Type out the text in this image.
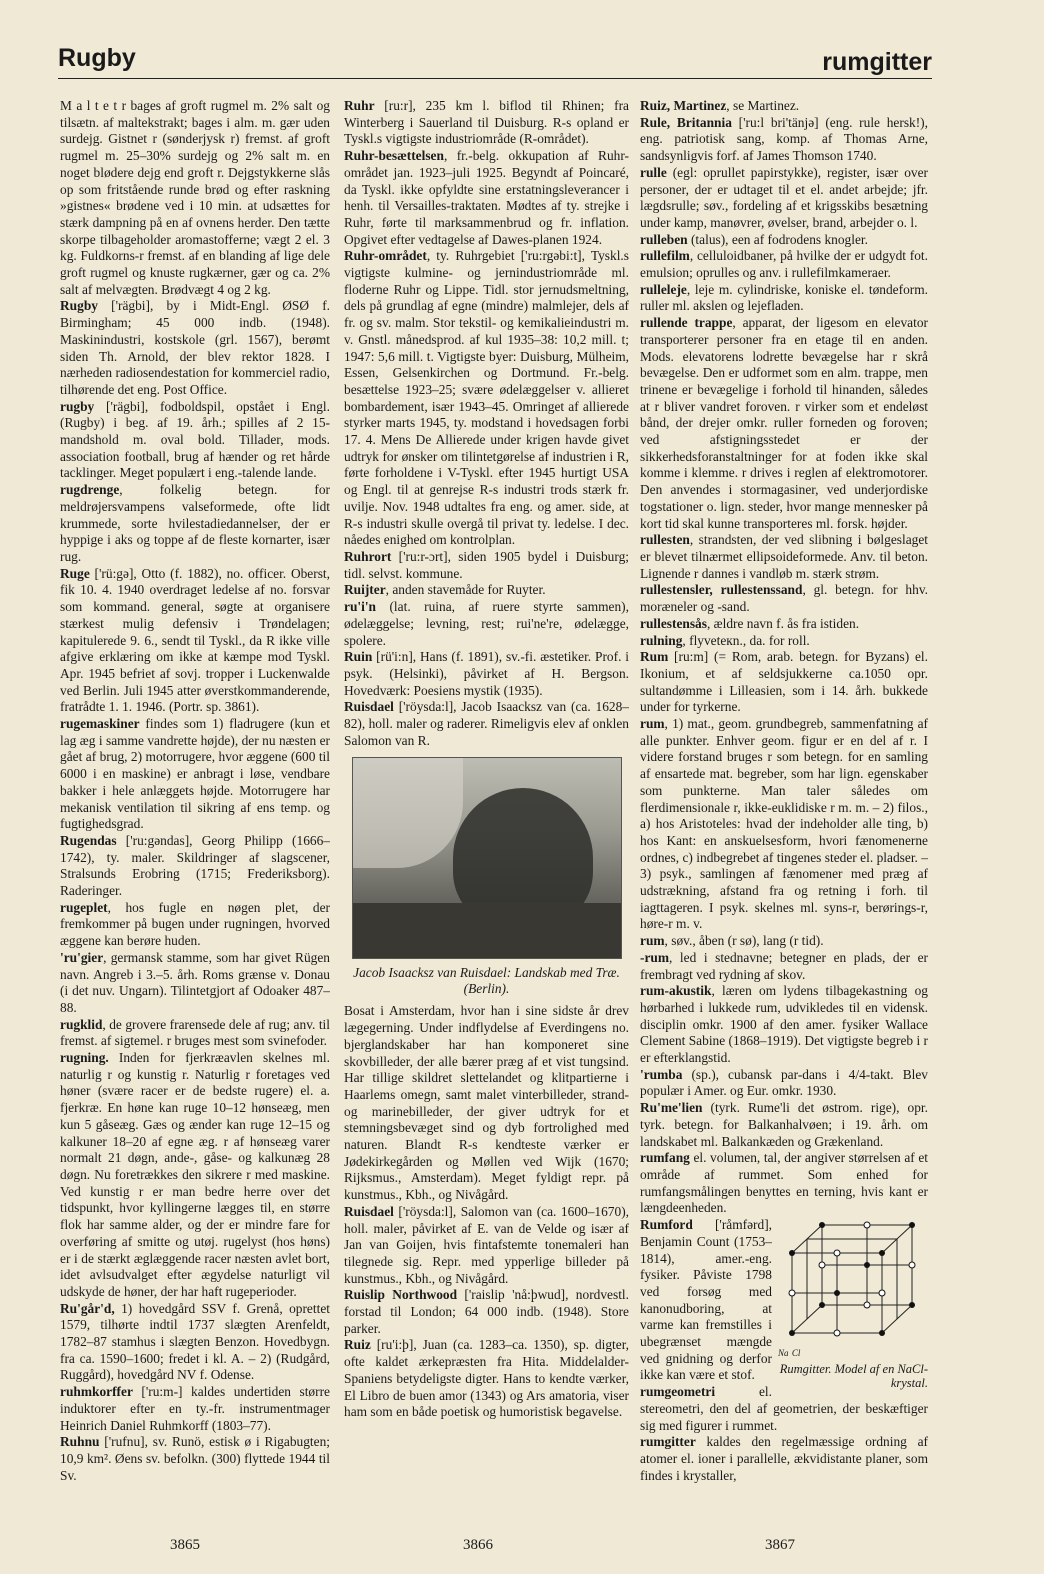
Rugby	rumgitter

M a l t e t r bages af groft rugmel m. 2% salt og tilsætn. af maltekstrakt; bages i alm. m. gær uden surdejg. Gistnet r (sønderjysk r) fremst. af groft rugmel m. 25–30% surdejg og 2% salt m. en noget blødere dejg end groft r. Dejgstykkerne slås op som fritstående runde brød og efter raskning »gistnes« brødene ved i 10 min. at udsættes for stærk dampning på en af ovnens herder. Den tætte skorpe tilbageholder aromastofferne; vægt 2 el. 3 kg. Fuldkorns-r fremst. af en blanding af lige dele groft rugmel og knuste rugkærner, gær og ca. 2% salt af melvægten. Brødvægt 4 og 2 kg.

Rugby ['rägbi], by i Midt-Engl. ØSØ f. Birmingham; 45 000 indb. (1948). Maskinindustri, kostskole (grl. 1567), berømt siden Th. Arnold, der blev rektor 1828. I nærheden radiosendestation for kommerciel radio, tilhørende det eng. Post Office.

rugby ['rägbi], fodboldspil, opstået i Engl. (Rugby) i beg. af 19. årh.; spilles af 2 15-mandshold m. oval bold. Tillader, mods. association football, brug af hænder og ret hårde tacklinger. Meget populært i eng.-talende lande.

rugdrenge, folkelig betegn. for meldrøjersvampens valseformede, ofte lidt krummede, sorte hvilestadiedannelser, der er hyppige i aks og toppe af de fleste kornarter, især rug.

Ruge ['rü:gə], Otto (f. 1882), no. officer. Oberst, fik 10. 4. 1940 overdraget ledelse af no. forsvar som kommand. general, søgte at organisere stærkest mulig defensiv i Trøndelagen; kapitulerede 9. 6., sendt til Tyskl., da R ikke ville afgive erklæring om ikke at kæmpe mod Tyskl. Apr. 1945 befriet af sovj. tropper i Luckenwalde ved Berlin. Juli 1945 atter øverstkommanderende, fratrådte 1. 1. 1946. (Portr. sp. 3861).

rugemaskiner findes som 1) fladrugere (kun et lag æg i samme vandrette højde), der nu næsten er gået af brug, 2) motorrugere, hvor æggene (600 til 6000 i en maskine) er anbragt i løse, vendbare bakker i hele anlæggets højde. Motorrugere har mekanisk ventilation til sikring af ens temp. og fugtighedsgrad.

Rugendas ['ru:gəndas], Georg Philipp (1666–1742), ty. maler. Skildringer af slagscener, Stralsunds Erobring (1715; Frederiksborg). Raderinger.

rugeplet, hos fugle en nøgen plet, der fremkommer på bugen under rugningen, hvorved æggene kan berøre huden.

'ru'gier, germansk stamme, som har givet Rügen navn. Angreb i 3.–5. årh. Roms grænse v. Donau (i det nuv. Ungarn). Tilintetgjort af Odoaker 487–88.

rugklid, de grovere frarensede dele af rug; anv. til fremst. af sigtemel. r bruges mest som svinefoder.

rugning. Inden for fjerkræavlen skelnes ml. naturlig r og kunstig r. Naturlig r foretages ved høner (svære racer er de bedste rugere) el. a. fjerkræ. En høne kan ruge 10–12 hønseæg, men kun 5 gåseæg. Gæs og ænder kan ruge 12–15 og kalkuner 18–20 af egne æg. r af hønseæg varer normalt 21 døgn, ande-, gåse- og kalkunæg 28 døgn. Nu foretrækkes den sikrere r med maskine. Ved kunstig r er man bedre herre over det tidspunkt, hvor kyllingerne lægges til, en større flok har samme alder, og der er mindre fare for overføring af smitte og utøj. rugelyst (hos høns) er i de stærkt æglæggende racer næsten avlet bort, idet avlsudvalget efter ægydelse naturligt vil udskyde de høner, der har haft rugeperioder.

Ru'går'd, 1) hovedgård SSV f. Grenå, oprettet 1579, tilhørte indtil 1737 slægten Arenfeldt, 1782–87 stamhus i slægten Benzon. Hovedbygn. fra ca. 1590–1600; fredet i kl. A. – 2) (Rudgård, Ruggård), hovedgård NV f. Odense.

ruhmkorffer ['ru:m-] kaldes undertiden større induktorer efter en ty.-fr. instrumentmager Heinrich Daniel Ruhmkorff (1803–77).

Ruhnu ['rufnu], sv. Runö, estisk ø i Rigabugten; 10,9 km². Øens sv. befolkn. (300) flyttede 1944 til Sv.

Ruhr [ru:r], 235 km l. biflod til Rhinen; fra Winterberg i Sauerland til Duisburg. R-s opland er Tyskl.s vigtigste industriområde (R-området).

Ruhr-besættelsen, fr.-belg. okkupation af Ruhr-området jan. 1923–juli 1925. Begyndt af Poincaré, da Tyskl. ikke opfyldte sine erstatningsleverancer i henh. til Versailles-traktaten. Mødtes af ty. strejke i Ruhr, førte til marksammenbrud og fr. inflation. Opgivet efter vedtagelse af Dawes-planen 1924.

Ruhr-området, ty. Ruhrgebiet ['ru:rgəbi:t], Tyskl.s vigtigste kulmine- og jernindustriområde ml. floderne Ruhr og Lippe. Tidl. stor jernudsmeltning, dels på grundlag af egne (mindre) malmlejer, dels af fr. og sv. malm. Stor tekstil- og kemikalieindustri m. v. Gnstl. månedsprod. af kul 1935–38: 10,2 mill. t; 1947: 5,6 mill. t. Vigtigste byer: Duisburg, Mülheim, Essen, Gelsenkirchen og Dortmund. Fr.-belg. besættelse 1923–25; svære ødelæggelser v. allieret bombardement, især 1943–45. Omringet af allierede styrker marts 1945, ty. modstand i hovedsagen forbi 17. 4. Mens De Allierede under krigen havde givet udtryk for ønsker om tilintetgørelse af industrien i R, førte forholdene i V-Tyskl. efter 1945 hurtigt USA og Engl. til at genrejse R-s industri trods stærk fr. uvilje. Nov. 1948 udtaltes fra eng. og amer. side, at R-s industri skulle overgå til privat ty. ledelse. I dec. nåedes enighed om kontrolplan.

Ruhrort ['ru:r-ɔrt], siden 1905 bydel i Duisburg; tidl. selvst. kommune.

Ruijter, anden stavemåde for Ruyter.

ru'i'n (lat. ruina, af ruere styrte sammen), ødelæggelse; levning, rest; rui'ne're, ødelægge, spolere.

Ruin [rü'i:n], Hans (f. 1891), sv.-fi. æstetiker. Prof. i psyk. (Helsinki), påvirket af H. Bergson. Hovedværk: Poesiens mystik (1935).

Ruisdael ['röysda:l], Jacob Isaacksz van (ca. 1628–82), holl. maler og raderer. Rimeligvis elev af onklen Salomon van R.

Jacob Isaacksz van Ruisdael: Landskab med Træ. (Berlin).

Bosat i Amsterdam, hvor han i sine sidste år drev lægegerning. Under indflydelse af Everdingens no. bjerglandskaber har han komponeret sine skovbilleder, der alle bærer præg af et vist tungsind. Har tillige skildret slettelandet og klitpartierne i Haarlems omegn, samt malet vinterbilleder, strand- og marinebilleder, der giver udtryk for et stemningsbevæget sind og dyb fortrolighed med naturen. Blandt R-s kendteste værker er Jødekirkegården og Møllen ved Wijk (1670; Rijksmus., Amsterdam). Meget fyldigt repr. på kunstmus., Kbh., og Nivågård.

Ruisdael ['röysda:l], Salomon van (ca. 1600–1670), holl. maler, påvirket af E. van de Velde og især af Jan van Goijen, hvis fintafstemte tonemaleri han tilegnede sig. Repr. med ypperlige billeder på kunstmus., Kbh., og Nivågård.

Ruislip Northwood ['raislip 'nå:þwud], nordvestl. forstad til London; 64 000 indb. (1948). Store parker.

Ruiz [ru'i:þ], Juan (ca. 1283–ca. 1350), sp. digter, ofte kaldet ærkepræsten fra Hita. Middelalder-Spaniens betydeligste digter. Hans to kendte værker, El Libro de buen amor (1343) og Ars amatoria, viser ham som en både poetisk og humoristisk begavelse.

Ruiz, Martinez, se Martinez.

Rule, Britannia ['ru:l bri'tänjə] (eng. rule hersk!), eng. patriotisk sang, komp. af Thomas Arne, sandsynligvis forf. af James Thomson 1740.

rulle (egl: oprullet papirstykke), register, især over personer, der er udtaget til et el. andet arbejde; jfr. lægdsrulle; søv., fordeling af et krigsskibs besætning under kamp, manøvrer, øvelser, brand, arbejder o. l.

rulleben (talus), een af fodrodens knogler.

rullefilm, celluloidbaner, på hvilke der er udgydt fot. emulsion; oprulles og anv. i rullefilmkameraer.

rulleleje, leje m. cylindriske, koniske el. tøndeform. ruller ml. akslen og lejefladen.

rullende trappe, apparat, der ligesom en elevator transporterer personer fra en etage til en anden. Mods. elevatorens lodrette bevægelse har r skrå bevægelse. Den er udformet som en alm. trappe, men trinene er bevægelige i forhold til hinanden, således at r bliver vandret foroven. r virker som et endeløst bånd, der drejer omkr. ruller forneden og foroven; ved afstigningsstedet er der sikkerhedsforanstaltninger for at foden ikke skal komme i klemme. r drives i reglen af elektromotorer. Den anvendes i stormagasiner, ved underjordiske togstationer o. lign. steder, hvor mange mennesker på kort tid skal kunne transporteres ml. forsk. højder.

rullesten, strandsten, der ved slibning i bølgeslaget er blevet tilnærmet ellipsoideformede. Anv. til beton. Lignende r dannes i vandløb m. stærk strøm.

rullestensler, rullestenssand, gl. betegn. for hhv. moræneler og -sand.

rullestensås, ældre navn f. ås fra istiden.

rulning, flyveteкn., da. for roll.

Rum [ru:m] (= Rom, arab. betegn. for Byzans) el. Ikonium, et af seldsjukkerne ca.1050 opr. sultandømme i Lilleasien, som i 14. årh. bukkede under for tyrkerne.

rum, 1) mat., geom. grundbegreb, sammenfatning af alle punkter. Enhver geom. figur er en del af r. I videre forstand bruges r som betegn. for en samling af ensartede mat. begreber, som har lign. egenskaber som punkterne. Man taler således om flerdimensionale r, ikke-euklidiske r m. m. – 2) filos., a) hos Aristoteles: hvad der indeholder alle ting, b) hos Kant: en anskuelsesform, hvori fænomenerne ordnes, c) indbegrebet af tingenes steder el. pladser. – 3) psyk., samlingen af fænomener med præg af udstrækning, afstand fra og retning i forh. til iagttageren. I psyk. skelnes ml. syns-r, berørings-r, høre-r m. v.

rum, søv., åben (r sø), lang (r tid).

-rum, led i stednavne; betegner en plads, der er frembragt ved rydning af skov.

rum-akustik, læren om lydens tilbagekastning og hørbarhed i lukkede rum, udvikledes til en vidensk. disciplin omkr. 1900 af den amer. fysiker Wallace Clement Sabine (1868–1919). Det vigtigste begreb i r er efterklangstid.

'rumba (sp.), cubansk par-dans i 4/4-takt. Blev populær i Amer. og Eur. omkr. 1930.

Ru'me'lien (tyrk. Rume'li det østrom. rige), opr. tyrk. betegn. for Balkanhalvøen; i 19. årh. om landskabet ml. Balkankæden og Grækenland.

rumfang el. volumen, tal, der angiver størrelsen af et område af rummet. Som enhed for rumfangsmålingen benyttes en terning, hvis kant er længdeenheden.

Na Cl
Rumgitter. Model af en NaCl-krystal.

Rumford ['råmfərd], Benjamin Count (1753–1814), amer.-eng. fysiker. Påviste 1798 ved forsøg med kanonudboring, at varme kan fremstilles i ubegrænset mængde ved gnidning og derfor ikke kan være et stof.

rumgeometri el. stereometri, den del af geometrien, der beskæftiger sig med figurer i rummet.

rumgitter kaldes den regelmæssige ordning af atomer el. ioner i parallelle, ækvidistante planer, som findes i krystaller,

3865	3866	3867
